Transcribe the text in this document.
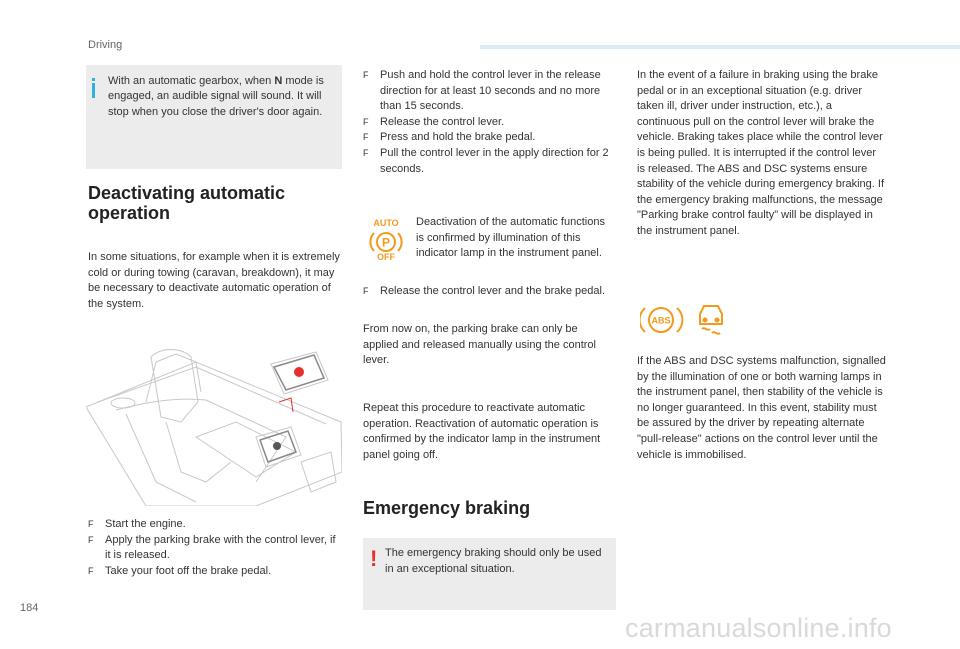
Driving
With an automatic gearbox, when N mode is engaged, an audible signal will sound. It will stop when you close the driver's door again.
Deactivating automatic operation
In some situations, for example when it is extremely cold or during towing (caravan, breakdown), it may be necessary to deactivate automatic operation of the system.
F Start the engine.
F Apply the parking brake with the control lever, if it is released.
F Take your foot off the brake pedal.
F Push and hold the control lever in the release direction for at least 10 seconds and no more than 15 seconds.
F Release the control lever.
F Press and hold the brake pedal.
F Pull the control lever in the apply direction for 2 seconds.
AUTO
P
OFF
Deactivation of the automatic functions is confirmed by illumination of this indicator lamp in the instrument panel.
F Release the control lever and the brake pedal.
From now on, the parking brake can only be applied and released manually using the control lever.
Repeat this procedure to reactivate automatic operation. Reactivation of automatic operation is confirmed by the indicator lamp in the instrument panel going off.
Emergency braking
! The emergency braking should only be used in an exceptional situation.
In the event of a failure in braking using the brake pedal or in an exceptional situation (e.g. driver taken ill, driver under instruction, etc.), a continuous pull on the control lever will brake the vehicle. Braking takes place while the control lever is being pulled. It is interrupted if the control lever is released. The ABS and DSC systems ensure stability of the vehicle during emergency braking. If the emergency braking malfunctions, the message "Parking brake control faulty" will be displayed in the instrument panel.
ABS
If the ABS and DSC systems malfunction, signalled by the illumination of one or both warning lamps in the instrument panel, then stability of the vehicle is no longer guaranteed. In this event, stability must be assured by the driver by repeating alternate "pull-release" actions on the control lever until the vehicle is immobilised.
184
carmanualsonline.info
